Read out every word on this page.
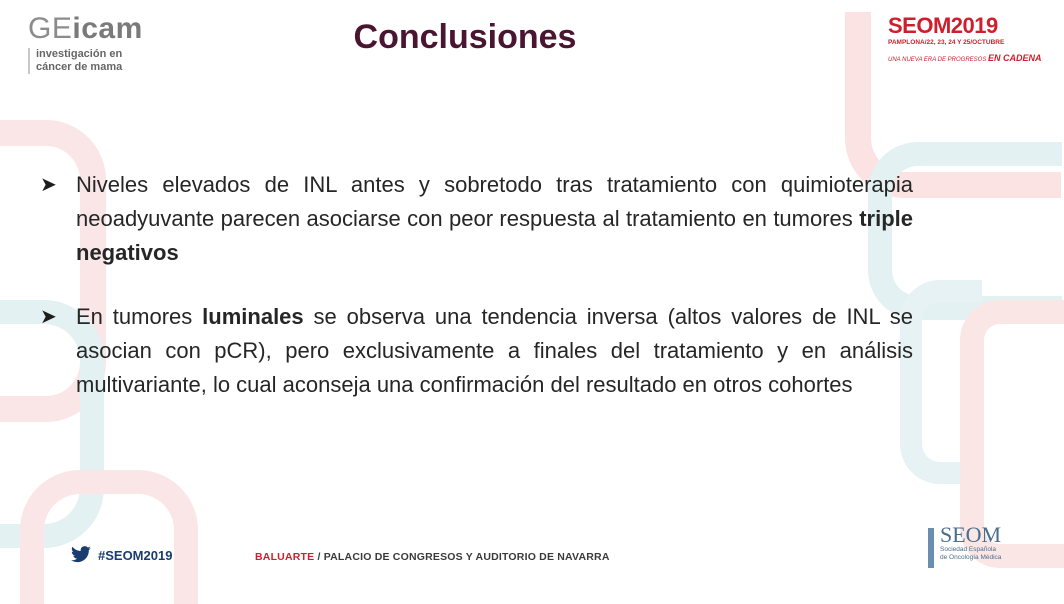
GEicam
investigación en
cáncer de mama
SEOM2019
PAMPLONA/22, 23, 24 Y 25/OCTUBRE
UNA NUEVA ERA DE PROGRESOS EN CADENA
Conclusiones
➤ Niveles elevados de INL antes y sobretodo tras tratamiento con quimioterapia neoadyuvante parecen asociarse con peor respuesta al tratamiento en tumores triple negativos
➤ En tumores luminales se observa una tendencia inversa (altos valores de INL se asocian con pCR), pero exclusivamente a finales del tratamiento y en análisis multivariante, lo cual aconseja una confirmación del resultado en otros cohortes
#SEOM2019	BALUARTE / PALACIO DE CONGRESOS Y AUDITORIO DE NAVARRA
SEOM
Sociedad Española
de Oncología Médica
